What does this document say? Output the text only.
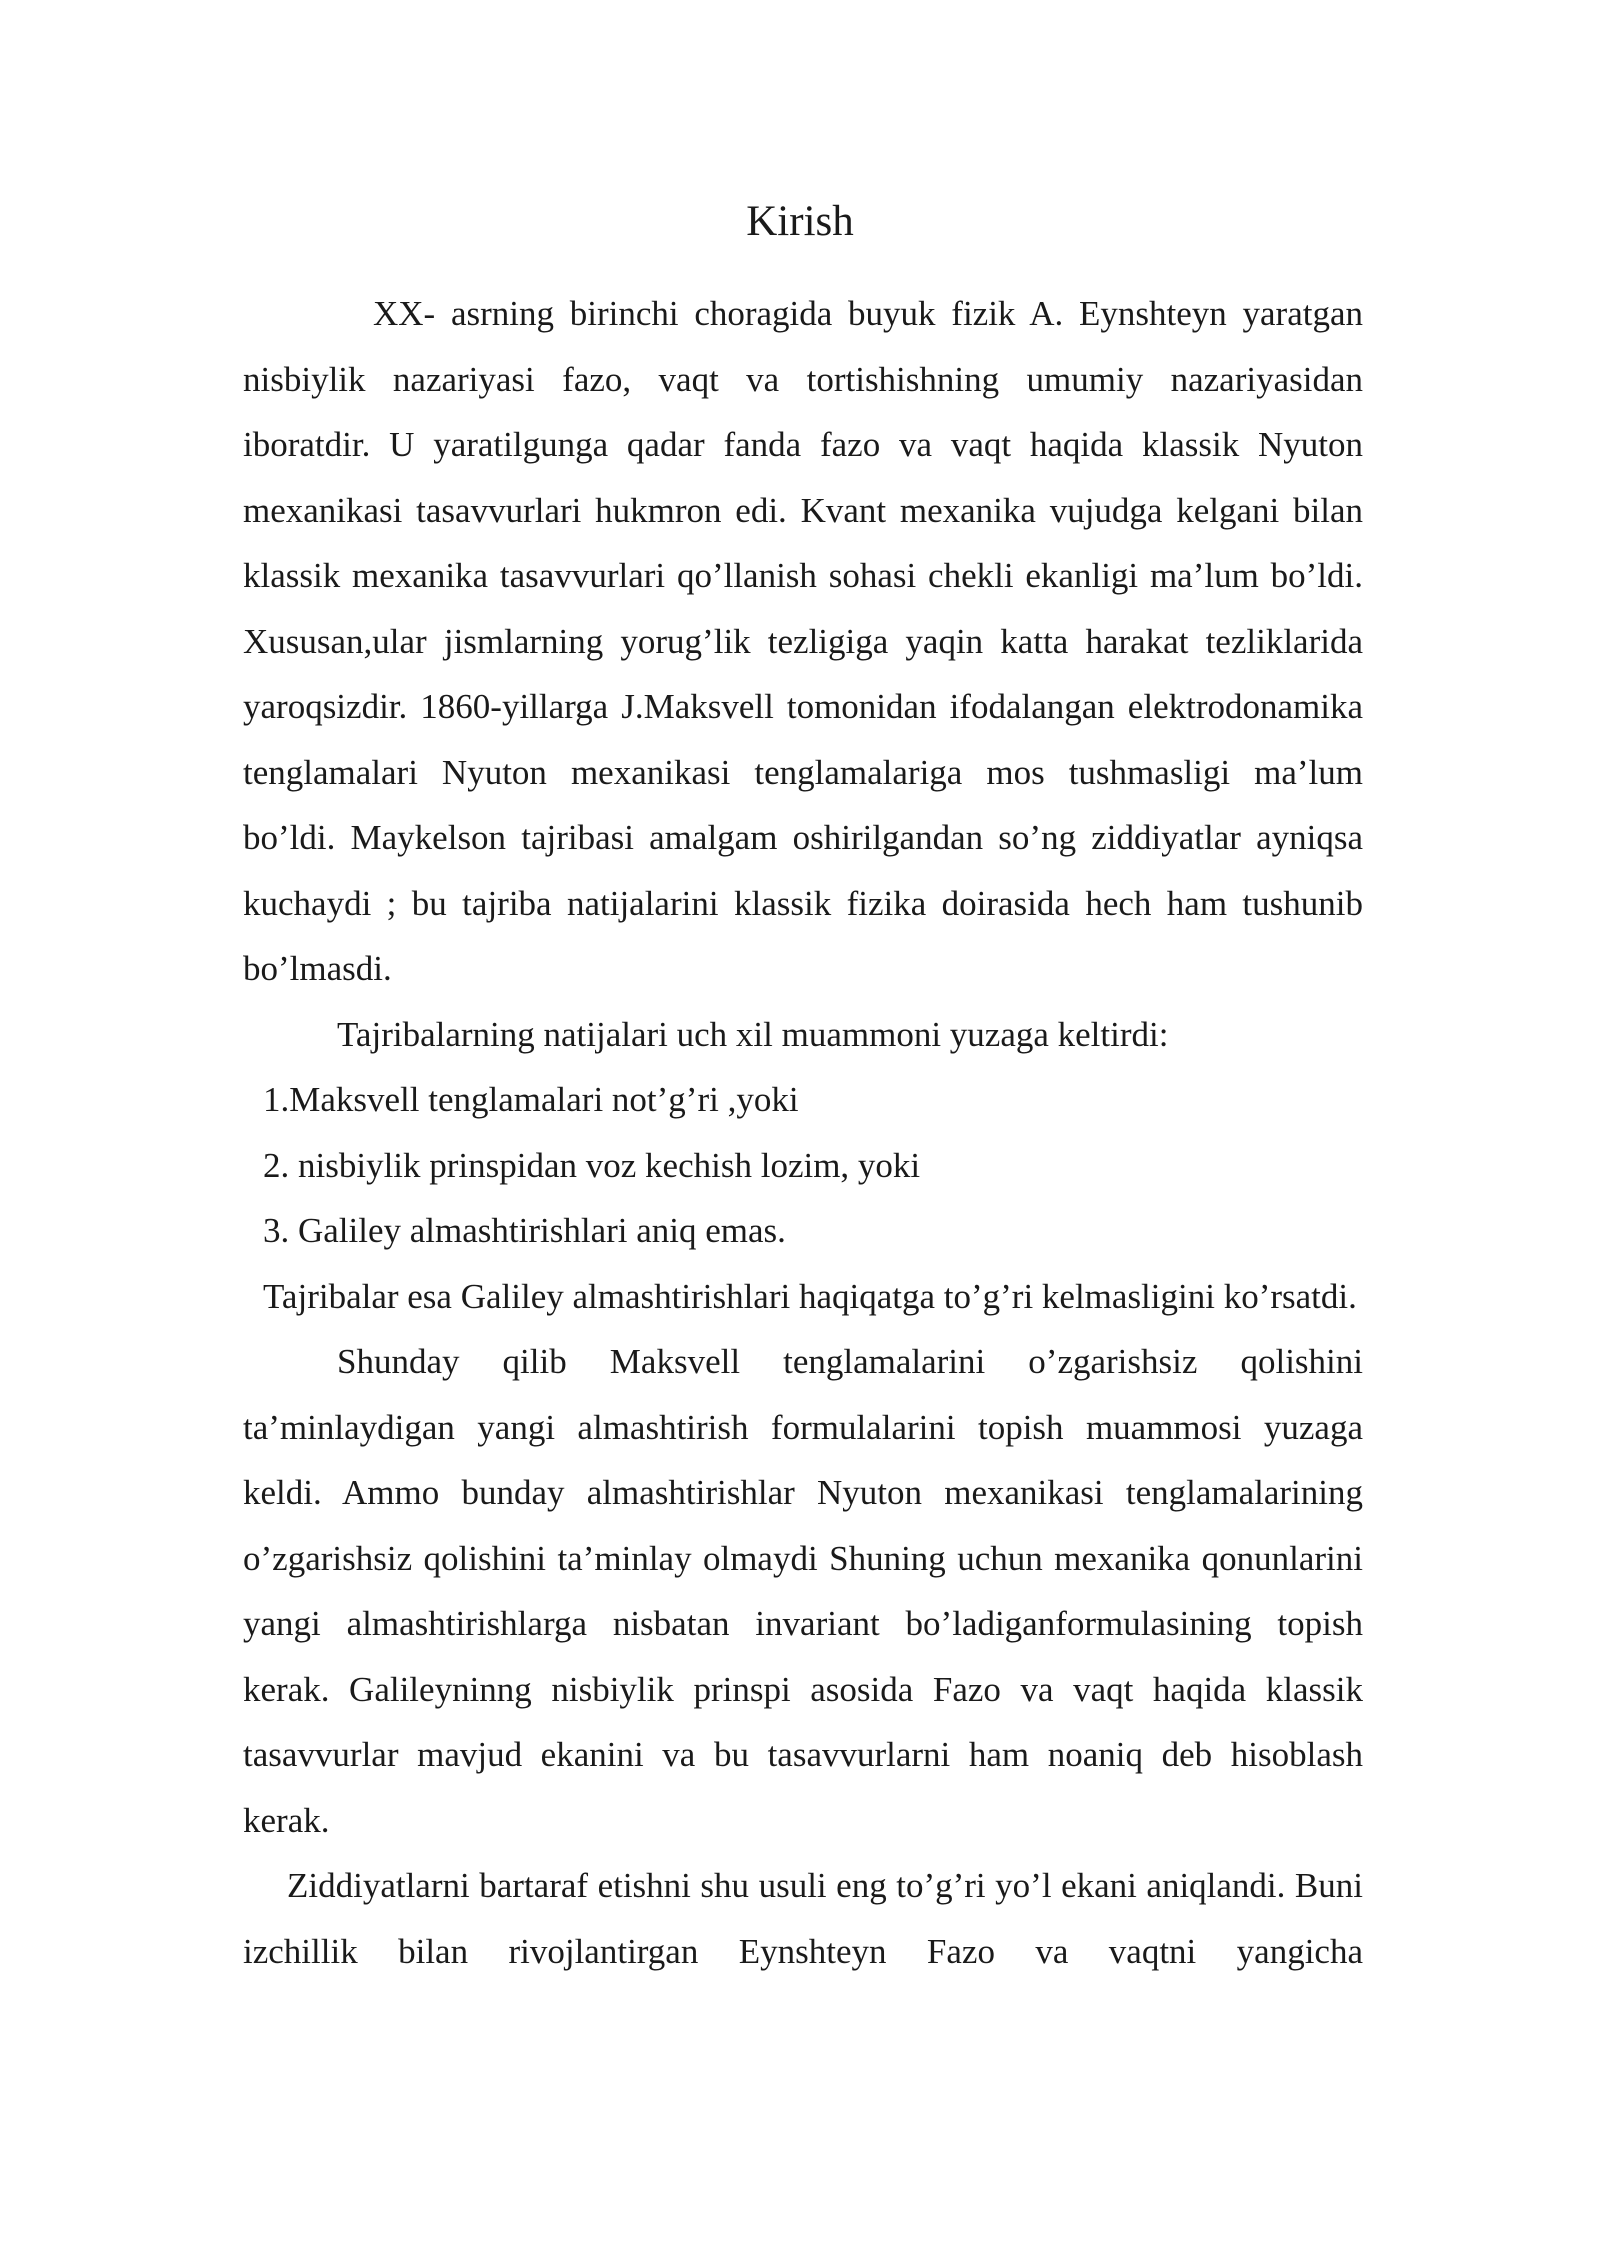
Kirish

XX- asrning birinchi choragida buyuk fizik A. Eynshteyn yaratgan nisbiylik nazariyasi fazo, vaqt va tortishishning umumiy nazariyasidan iboratdir. U yaratilgunga qadar fanda fazo va vaqt haqida klassik Nyuton mexanikasi tasavvurlari hukmron edi. Kvant mexanika vujudga kelgani bilan klassik mexanika tasavvurlari qo’llanish sohasi chekli ekanligi ma’lum bo’ldi. Xususan,ular jismlarning yorug’lik tezligiga yaqin katta harakat tezliklarida yaroqsizdir. 1860-yillarga J.Maksvell tomonidan ifodalangan elektrodonamika tenglamalari Nyuton mexanikasi tenglamalariga mos tushmasligi ma’lum bo’ldi. Maykelson tajribasi amalgam oshirilgandan so’ng ziddiyatlar ayniqsa kuchaydi ; bu tajriba natijalarini klassik fizika doirasida hech ham tushunib bo’lmasdi.

Tajribalarning natijalari uch xil muammoni yuzaga keltirdi:

1.Maksvell tenglamalari not’g’ri ,yoki

2. nisbiylik prinspidan voz kechish lozim, yoki

3. Galiley almashtirishlari aniq emas.

Tajribalar esa Galiley almashtirishlari haqiqatga to’g’ri kelmasligini ko’rsatdi.

Shunday qilib Maksvell tenglamalarini o’zgarishsiz qolishini ta’minlaydigan yangi almashtirish formulalarini topish muammosi yuzaga keldi. Ammo bunday almashtirishlar Nyuton mexanikasi tenglamalarining o’zgarishsiz qolishini ta’minlay olmaydi Shuning uchun mexanika qonunlarini yangi almashtirishlarga nisbatan invariant bo’ladiganformulasining topish kerak. Galileyninng nisbiylik prinspi asosida Fazo va vaqt haqida klassik tasavvurlar mavjud ekanini va bu tasavvurlarni ham noaniq deb hisoblash kerak.

Ziddiyatlarni bartaraf etishni shu usuli eng to’g’ri yo’l ekani aniqlandi. Buni izchillik bilan rivojlantirgan Eynshteyn Fazo va vaqtni yangicha
